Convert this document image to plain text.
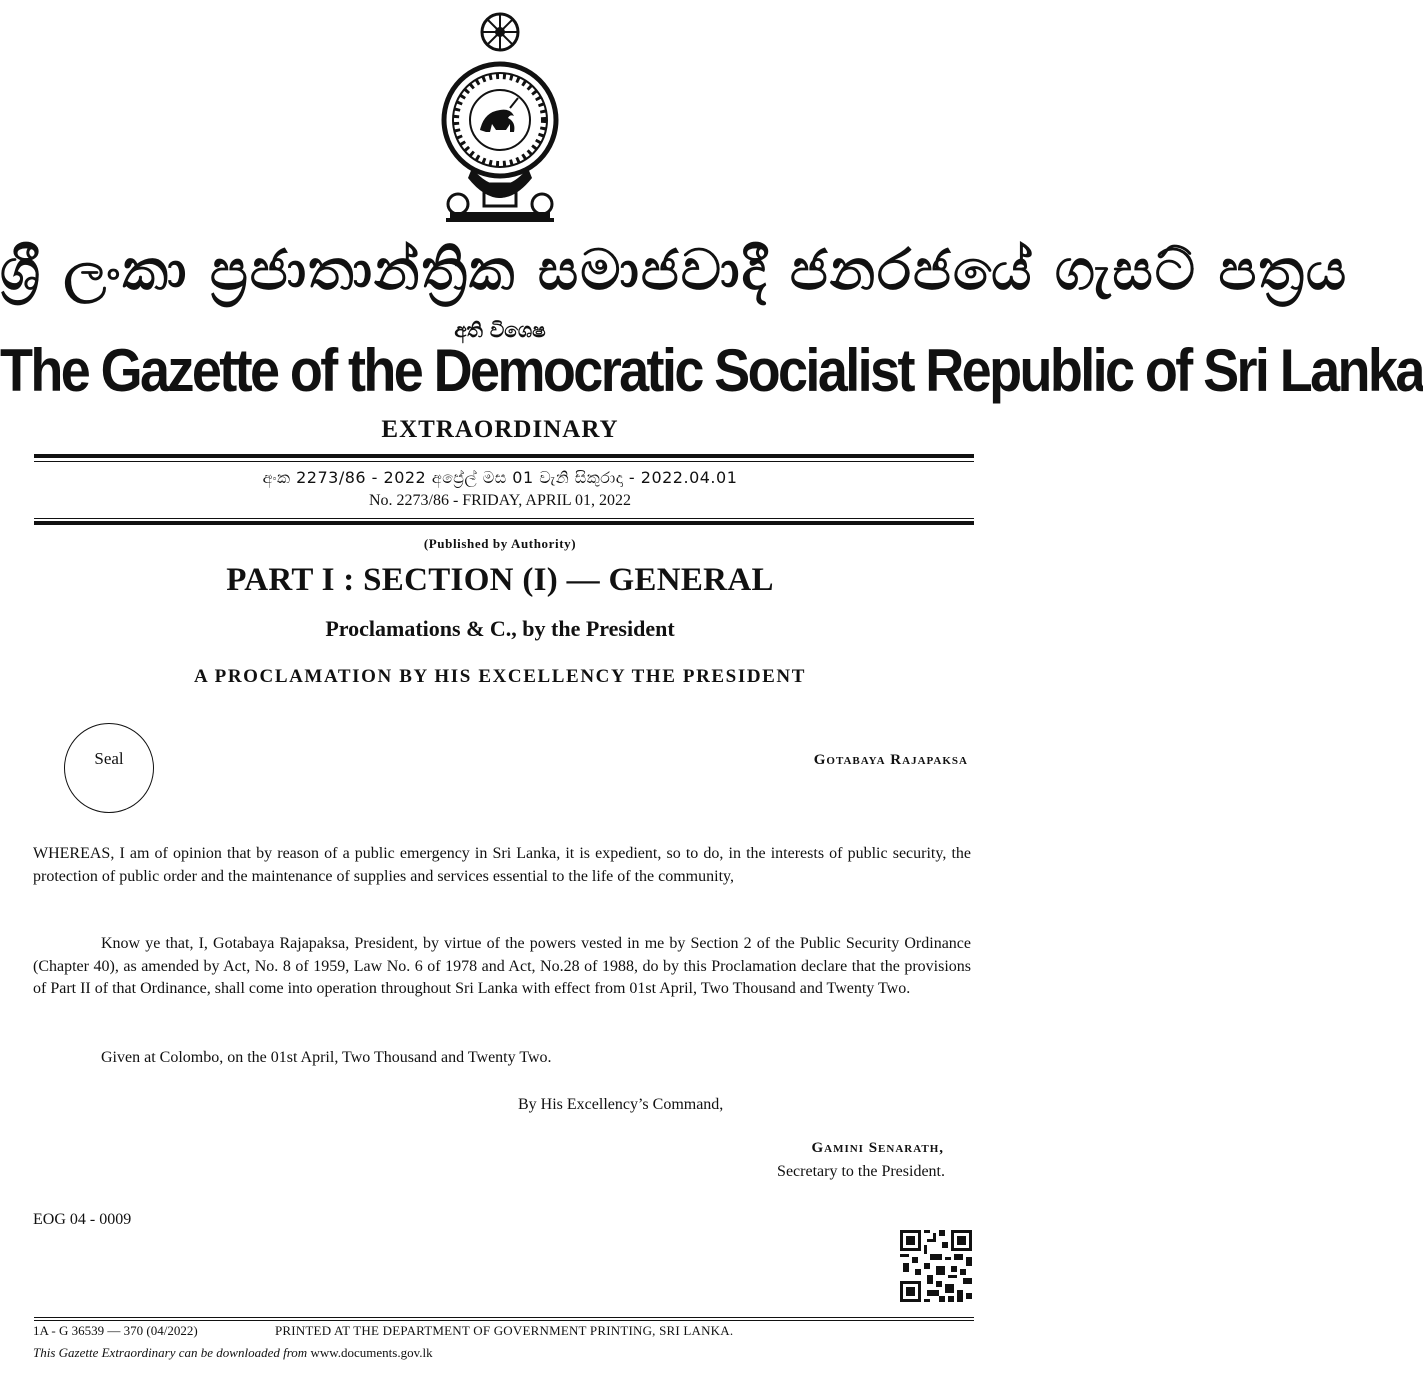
ශ්‍රී ලංකා ප්‍රජාතාන්ත්‍රික සමාජවාදී ජනරජයේ ගැසට් පත්‍රය
අති විශෙෂ
The Gazette of the Democratic Socialist Republic of Sri Lanka
EXTRAORDINARY
අංක 2273/86 - 2022 අප්‍රේල් මස 01 වැනි සිකුරාදා - 2022.04.01
No. 2273/86 - FRIDAY, APRIL 01, 2022
(Published by Authority)
PART I : SECTION (I) — GENERAL
Proclamations & C., by the President
A PROCLAMATION BY HIS EXCELLENCY THE PRESIDENT
Seal	Gotabaya Rajapaksa
WHEREAS, I am of opinion that by reason of a public emergency in Sri Lanka, it is expedient, so to do, in the interests of public security, the protection of public order and the maintenance of supplies and services essential to the life of the community,
Know ye that, I, Gotabaya Rajapaksa, President, by virtue of the powers vested in me by Section 2 of the Public Security Ordinance (Chapter 40), as amended by Act, No. 8 of 1959, Law No. 6 of 1978 and Act, No.28 of 1988, do by this Proclamation declare that the provisions of Part II of that Ordinance, shall come into operation throughout Sri Lanka with effect from 01st April, Two Thousand and Twenty Two.
Given at Colombo, on the 01st April, Two Thousand and Twenty Two.
By His Excellency’s Command,
Gamini Senarath,
Secretary to the President.
EOG 04 - 0009
1A - G 36539 — 370 (04/2022)	PRINTED AT THE DEPARTMENT OF GOVERNMENT PRINTING, SRI LANKA.
This Gazette Extraordinary can be downloaded from www.documents.gov.lk
